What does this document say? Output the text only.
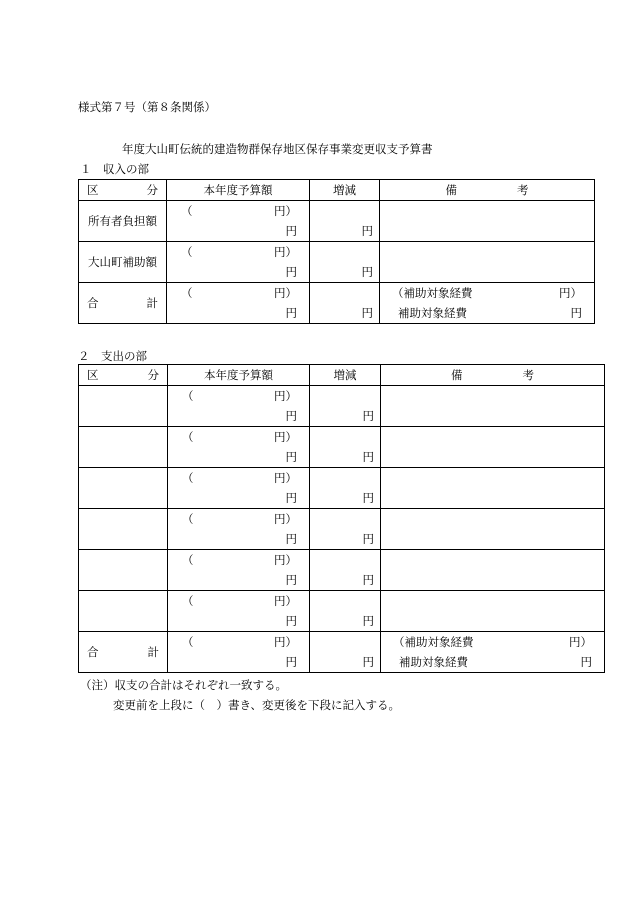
様式第７号（第８条関係）
年度大山町伝統的建造物群保存地区保存事業変更収支予算書
１　収入の部
区 分	本年度予算額	増減	備 考

所有者負担額	（ 円）		

	円	円	
大山町補助額	（ 円）		

	円	円	

合 計	（ 円）		（補助対象経費 円）

	円	円	補助対象経費 円
２　支出の部
区 分	本年度予算額	増減	備 考

	（ 円）		

	円	円	

	（ 円）		

	円	円	

	（ 円）		

	円	円	

	（ 円）		

	円	円	

	（ 円）		

	円	円	

	（ 円）		

	円	円	

合 計	（ 円）		（補助対象経費 円）

	円	円	補助対象経費 円
（注）収支の合計はそれぞれ一致する。
変更前を上段に（　）書き、変更後を下段に記入する。
